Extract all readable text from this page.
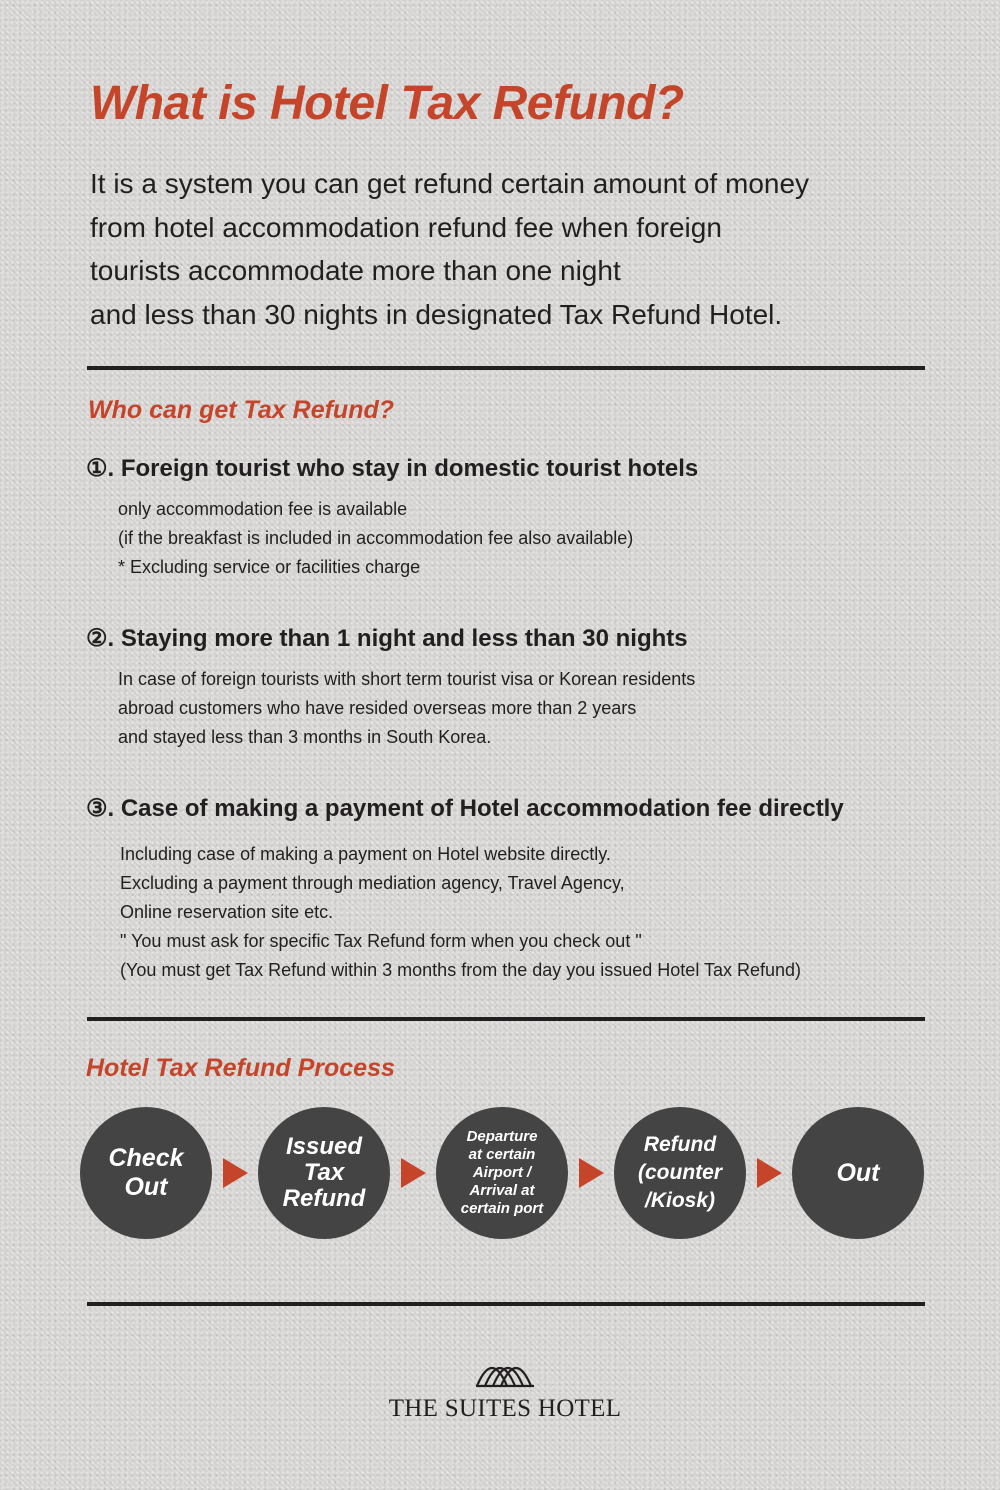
What is Hotel Tax Refund?
It is a system you can get refund certain amount of money
from hotel accommodation refund fee when foreign
tourists accommodate more than one night
and less than 30 nights in designated Tax Refund Hotel.
Who can get Tax Refund?
①. Foreign tourist who stay in domestic tourist hotels
only accommodation fee is available
(if the breakfast is included in accommodation fee also available)
* Excluding service or facilities charge
②. Staying more than 1 night and less than 30 nights
In case of foreign tourists with short term tourist visa or Korean residents
abroad customers who have resided overseas more than 2 years
and stayed less than 3 months in South Korea.
③. Case of making a payment of Hotel accommodation fee directly
Including case of making a payment on Hotel website directly.
Excluding a payment through mediation agency, Travel Agency,
Online reservation site etc.
" You must ask for specific Tax Refund form when you check out "
(You must get Tax Refund within 3 months from the day you issued Hotel Tax Refund)
Hotel Tax Refund Process
Check
Out
Issued
Tax
Refund
Departure
at certain
Airport /
Arrival at
certain port
Refund
(counter
/Kiosk)
Out
THE SUITES HOTEL
